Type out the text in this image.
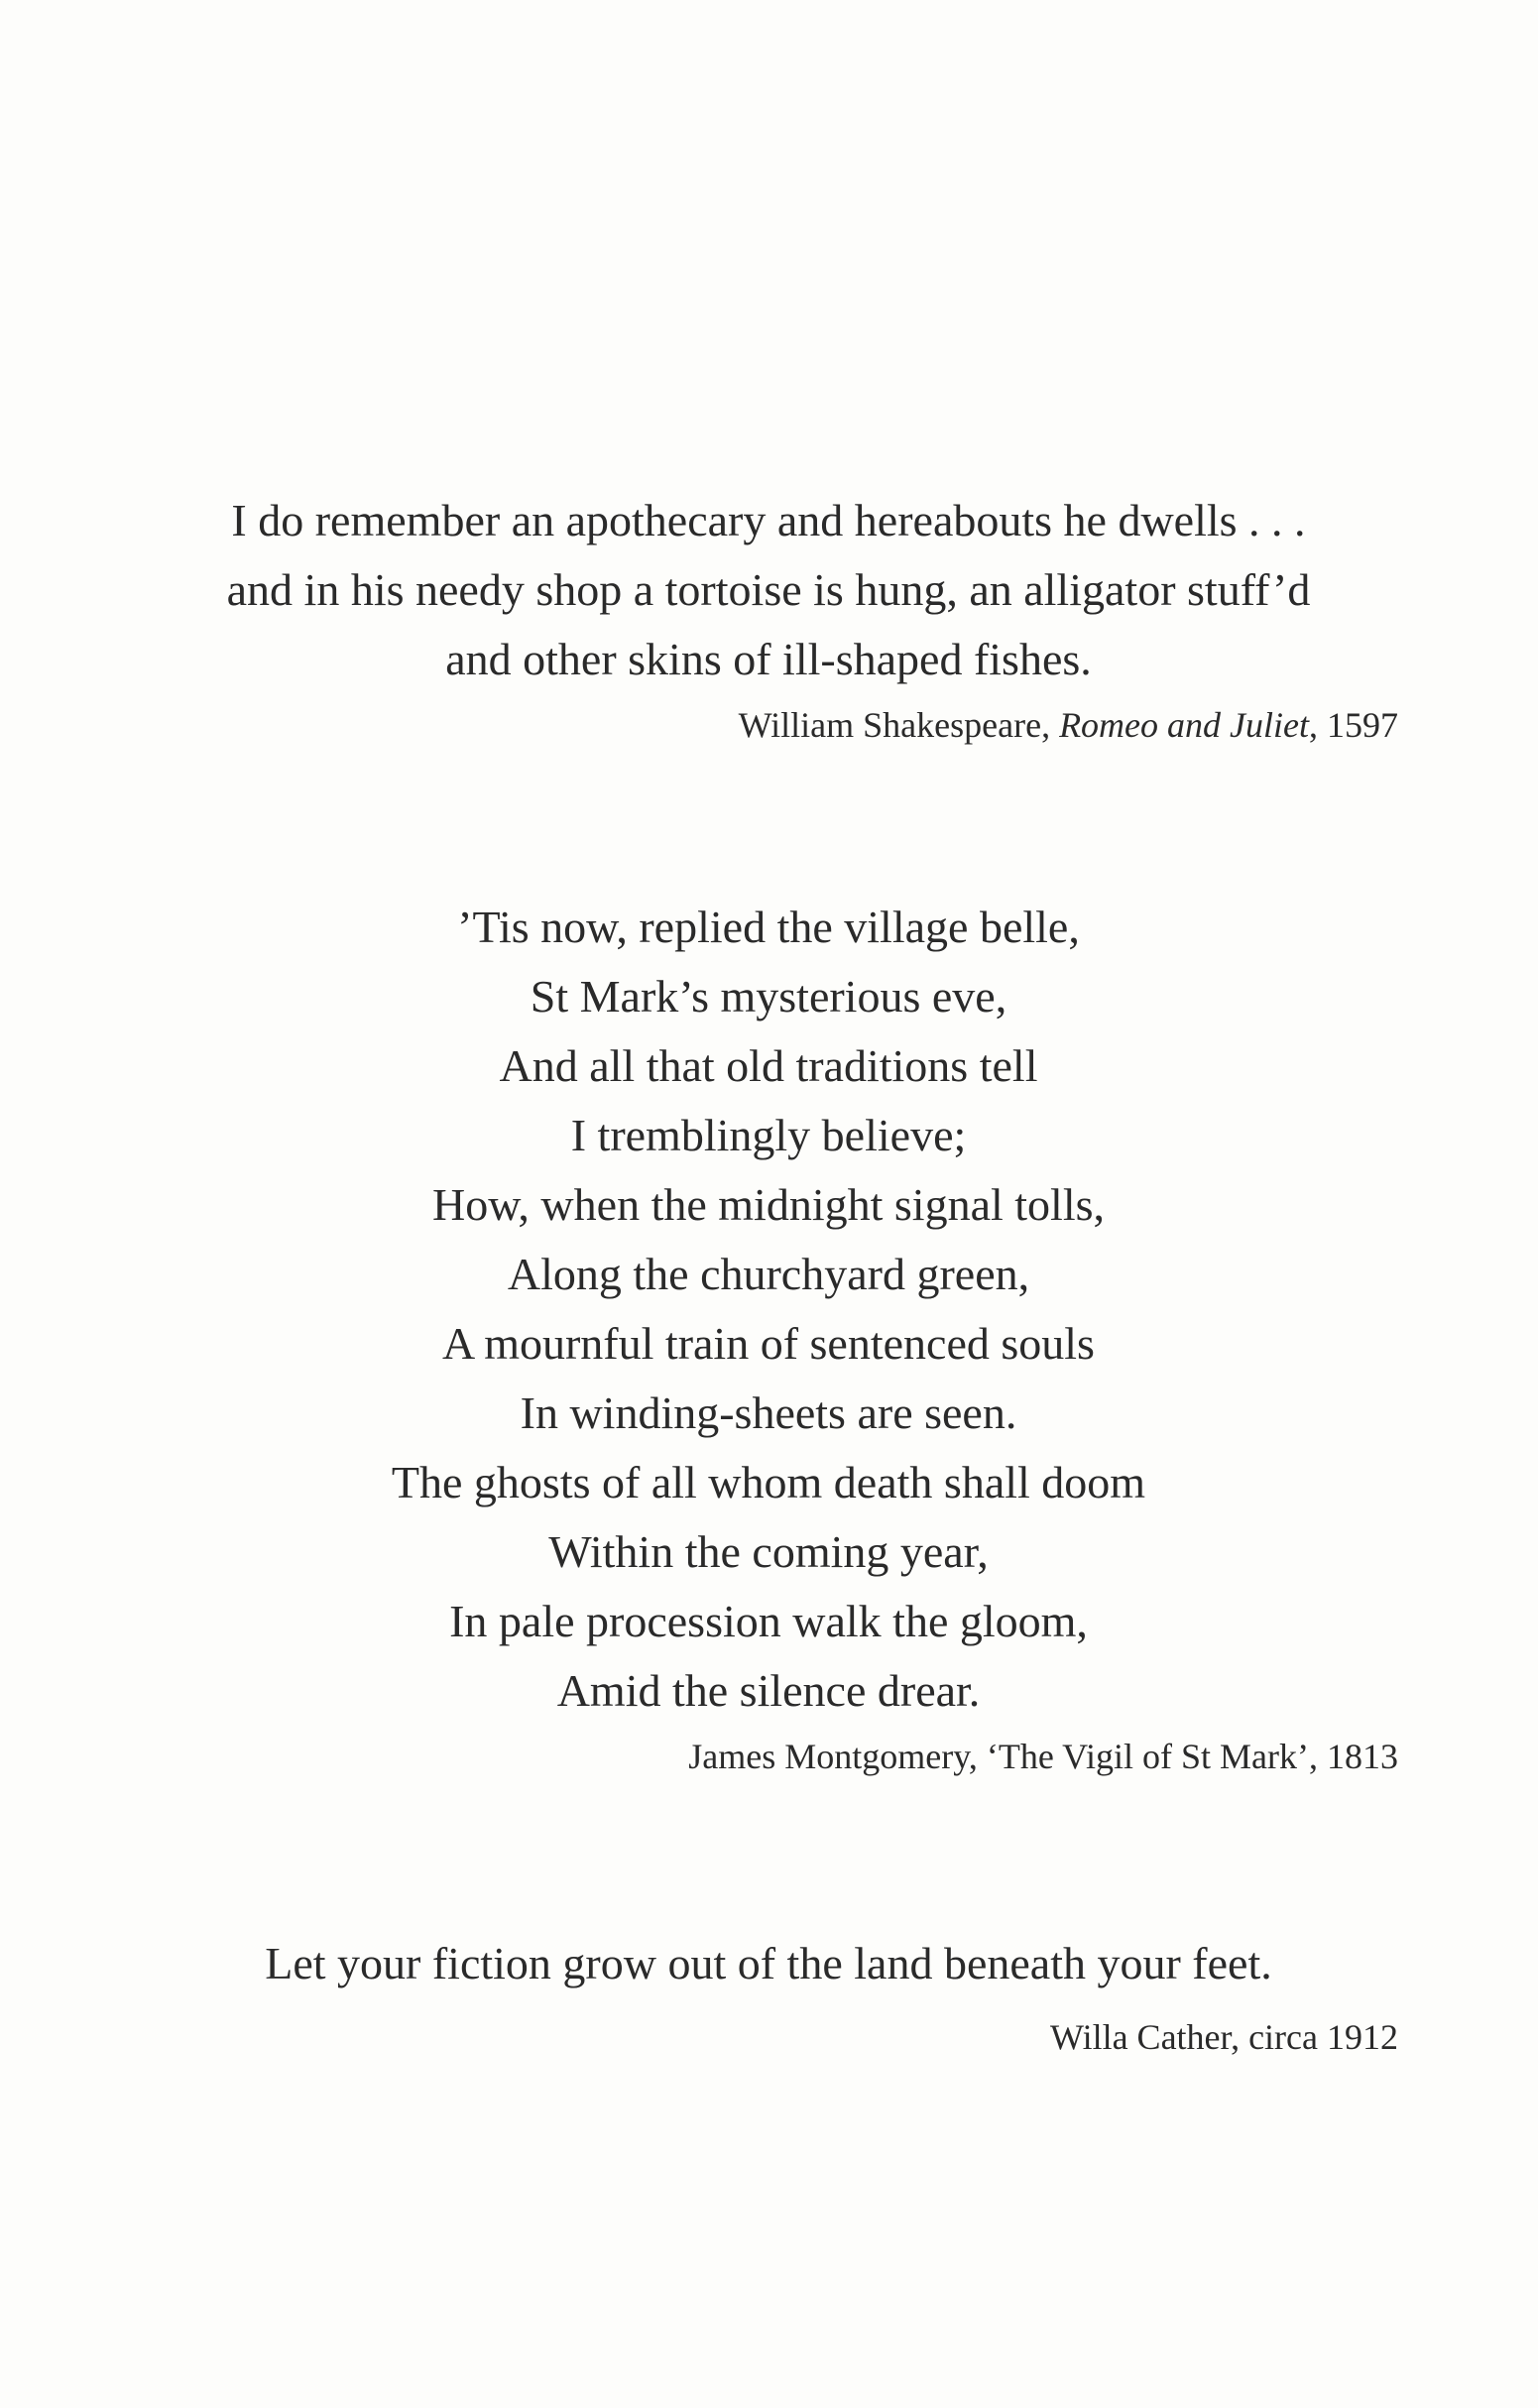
I do remember an apothecary and hereabouts he dwells . . .
and in his needy shop a tortoise is hung, an alligator stuff’d
and other skins of ill-shaped fishes.

William Shakespeare, Romeo and Juliet, 1597

’Tis now, replied the village belle,
St Mark’s mysterious eve,
And all that old traditions tell
I tremblingly believe;
How, when the midnight signal tolls,
Along the churchyard green,
A mournful train of sentenced souls
In winding-sheets are seen.
The ghosts of all whom death shall doom
Within the coming year,
In pale procession walk the gloom,
Amid the silence drear.

James Montgomery, ‘The Vigil of St Mark’, 1813

Let your fiction grow out of the land beneath your feet.

Willa Cather, circa 1912
